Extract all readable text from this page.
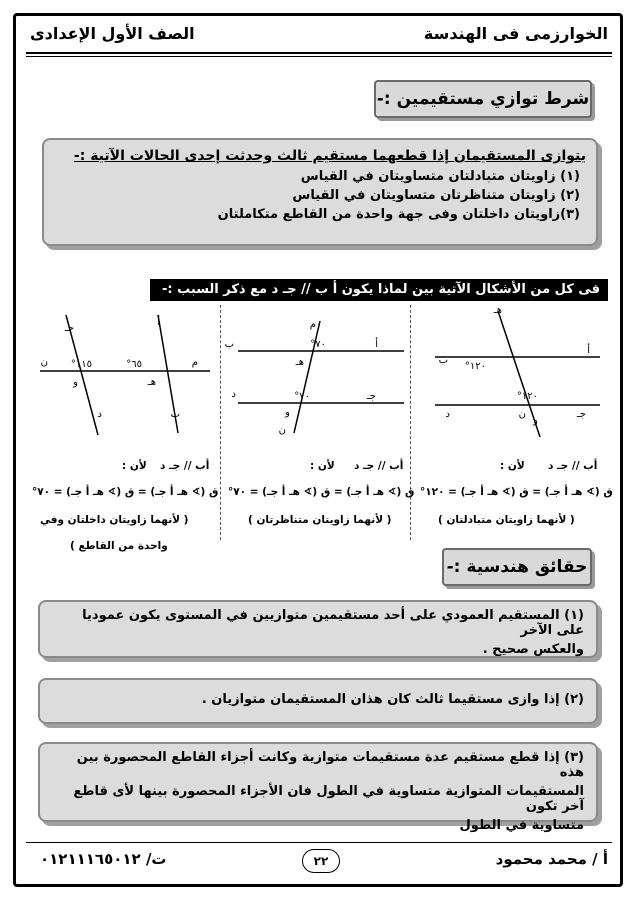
الخوارزمى فى الهندسة
الصف الأول الإعدادى
شرط توازي مستقيمين :-
يتوازى المستقيمان إذا قطعهما مستقيم ثالث وحدثت إحدى الحالات الآتية :-
(١) زاويتان متبادلتان متساويتان في القياس
(٢) زاويتان متناظرتان متساويتان في القياس
(٣)زاويتان داخلتان وفى جهة واحدة من القاطع متكاملتان
فى كل من الأشكال الآتية بين لماذا يكون أ ب // جـ د مع ذكر السبب :-
هـ
ب
أ
و
ن
د	جـ
١٢٠°
١٢٠°
م
ب	أ
هـ
و
د	جـ
ن
٧٠°
٧٠°
جـ
أ
ن	م
و	هـ
ب
د
١١٥°	٦٥°
لأن : أب // جـ د
ق (∢ هـ أ جـ) = ق (∢ هـ أ جـ) = ١٢٠°
( لأنهما زاويتان متبادلتان )
لأن : أب // جـ د
ق (∢ هـ أ جـ) = ق (∢ هـ أ جـ) = ٧٠°
( لأنهما زاويتان متناظرتان )
لأن : أب // جـ د
ق (∢ هـ أ جـ) = ق (∢ هـ أ جـ) = ٧٠°
( لأنهما زاويتان داخلتان وفي
واحدة من القاطع )
حقائق هندسية :-
(١) المستقيم العمودي على أحد مستقيمين متوازيين في المستوى يكون عموديا على الآخر
والعكس صحيح .
(٢) إذا وازى مستقيما ثالث كان هذان المستقيمان متوازيان .
(٣) إذا قطع مستقيم عدة مستقيمات متوازية وكانت أجزاء القاطع المحصورة بين هذه
المستقيمات المتوازية متساوية في الطول فان الأجزاء المحصورة بينها لأى قاطع آخر تكون
متساوية في الطول
أ / محمد محمود
٢٢
ت/ ٠١٢١١١٦٥٠١٢
